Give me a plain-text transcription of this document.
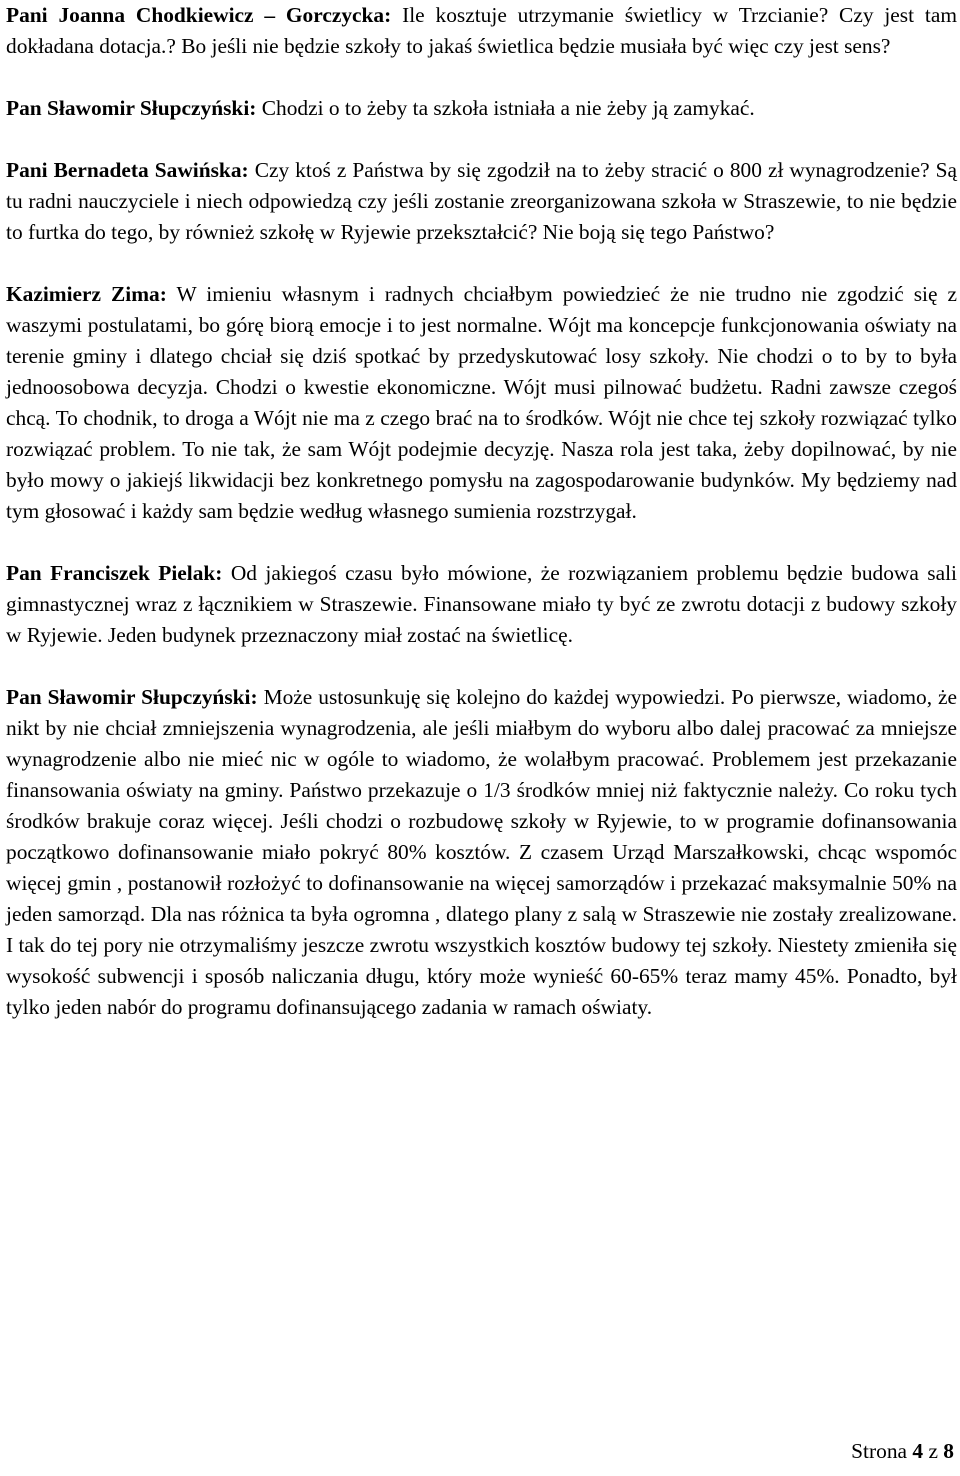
Pani Joanna Chodkiewicz – Gorczycka: Ile kosztuje utrzymanie świetlicy w Trzcianie? Czy jest tam dokładana dotacja.? Bo jeśli nie będzie szkoły to jakaś świetlica będzie musiała być więc czy jest sens?

Pan Sławomir Słupczyński: Chodzi o to żeby ta szkoła istniała a nie żeby ją zamykać.

Pani Bernadeta Sawińska: Czy ktoś z Państwa by się zgodził na to żeby stracić o 800 zł wynagrodzenie? Są tu radni nauczyciele i niech odpowiedzą czy jeśli zostanie zreorganizowana szkoła w Straszewie, to nie będzie to furtka do tego, by również szkołę w Ryjewie przekształcić? Nie boją się tego Państwo?

Kazimierz Zima: W imieniu własnym i radnych chciałbym powiedzieć że nie trudno nie zgodzić się z waszymi postulatami, bo górę biorą emocje i to jest normalne. Wójt ma koncepcje funkcjonowania oświaty na terenie gminy i dlatego chciał się dziś spotkać by przedyskutować losy szkoły. Nie chodzi o to by to była jednoosobowa decyzja. Chodzi o kwestie ekonomiczne. Wójt musi pilnować budżetu. Radni zawsze czegoś chcą. To chodnik, to droga a Wójt nie ma z czego brać na to środków. Wójt nie chce tej szkoły rozwiązać tylko rozwiązać problem. To nie tak, że sam Wójt podejmie decyzję. Nasza rola jest taka, żeby dopilnować, by nie było mowy o jakiejś likwidacji bez konkretnego pomysłu na zagospodarowanie budynków. My będziemy nad tym głosować i każdy sam będzie według własnego sumienia rozstrzygał.

Pan Franciszek Pielak: Od jakiegoś czasu było mówione, że rozwiązaniem problemu będzie budowa sali gimnastycznej wraz z łącznikiem w Straszewie. Finansowane miało ty być ze zwrotu dotacji z budowy szkoły w Ryjewie. Jeden budynek przeznaczony miał zostać na świetlicę.

Pan Sławomir Słupczyński: Może ustosunkuję się kolejno do każdej wypowiedzi. Po pierwsze, wiadomo, że nikt by nie chciał zmniejszenia wynagrodzenia, ale jeśli miałbym do wyboru albo dalej pracować za mniejsze wynagrodzenie albo nie mieć nic w ogóle to wiadomo, że wolałbym pracować. Problemem jest przekazanie finansowania oświaty na gminy. Państwo przekazuje o 1/3 środków mniej niż faktycznie należy. Co roku tych środków brakuje coraz więcej. Jeśli chodzi o rozbudowę szkoły w Ryjewie, to w programie dofinansowania początkowo dofinansowanie miało pokryć 80% kosztów. Z czasem Urząd Marszałkowski, chcąc wspomóc więcej gmin , postanowił rozłożyć to dofinansowanie na więcej samorządów i przekazać maksymalnie 50% na jeden samorząd. Dla nas różnica ta była ogromna , dlatego plany z salą w Straszewie nie zostały zrealizowane. I tak do tej pory nie otrzymaliśmy jeszcze zwrotu wszystkich kosztów budowy tej szkoły. Niestety zmieniła się wysokość subwencji i sposób naliczania długu, który może wynieść 60-65% teraz mamy 45%. Ponadto, był tylko jeden nabór do programu dofinansującego zadania w ramach oświaty.

Strona 4 z 8
